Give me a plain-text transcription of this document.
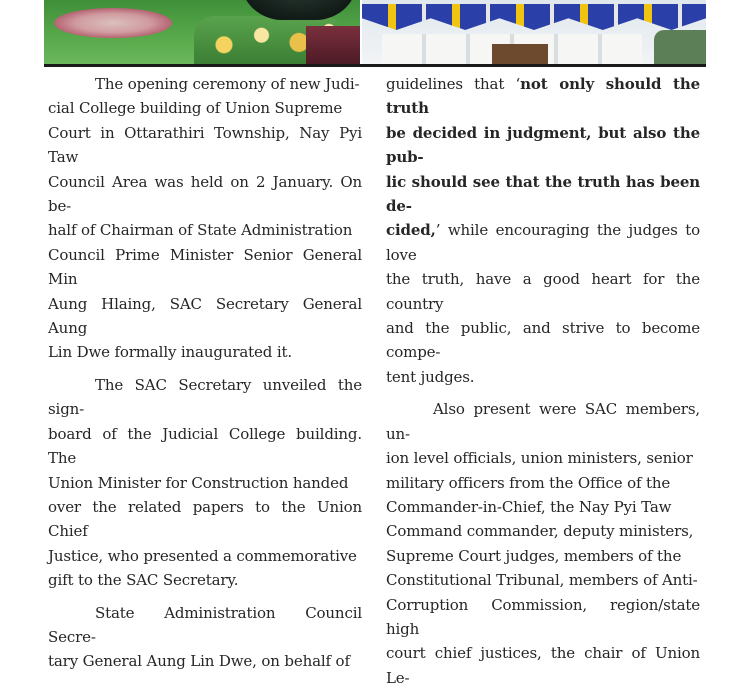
The opening ceremony of new Judi-
cial College building of Union Supreme
Court in Ottarathiri Township, Nay Pyi Taw
Council Area was held on 2 January. On be-
half of Chairman of State Administration
Council Prime Minister Senior General Min
Aung Hlaing, SAC Secretary General Aung
Lin Dwe formally inaugurated it.

The SAC Secretary unveiled the sign-
board of the Judicial College building. The
Union Minister for Construction handed
over the related papers to the Union Chief
Justice, who presented a commemorative
gift to the SAC Secretary.

State Administration Council Secre-
tary General Aung Lin Dwe, on behalf of

guidelines that ‘not only should the truth
be decided in judgment, but also the pub-
lic should see that the truth has been de-
cided,’ while encouraging the judges to love
the truth, have a good heart for the country
and the public, and strive to become compe-
tent judges.

Also present were SAC members, un-
ion level officials, union ministers, senior
military officers from the Office of the
Commander-in-Chief, the Nay Pyi Taw
Command commander, deputy ministers,
Supreme Court judges, members of the
Constitutional Tribunal, members of Anti-
Corruption Commission, region/state high
court chief justices, the chair of Union Le-
